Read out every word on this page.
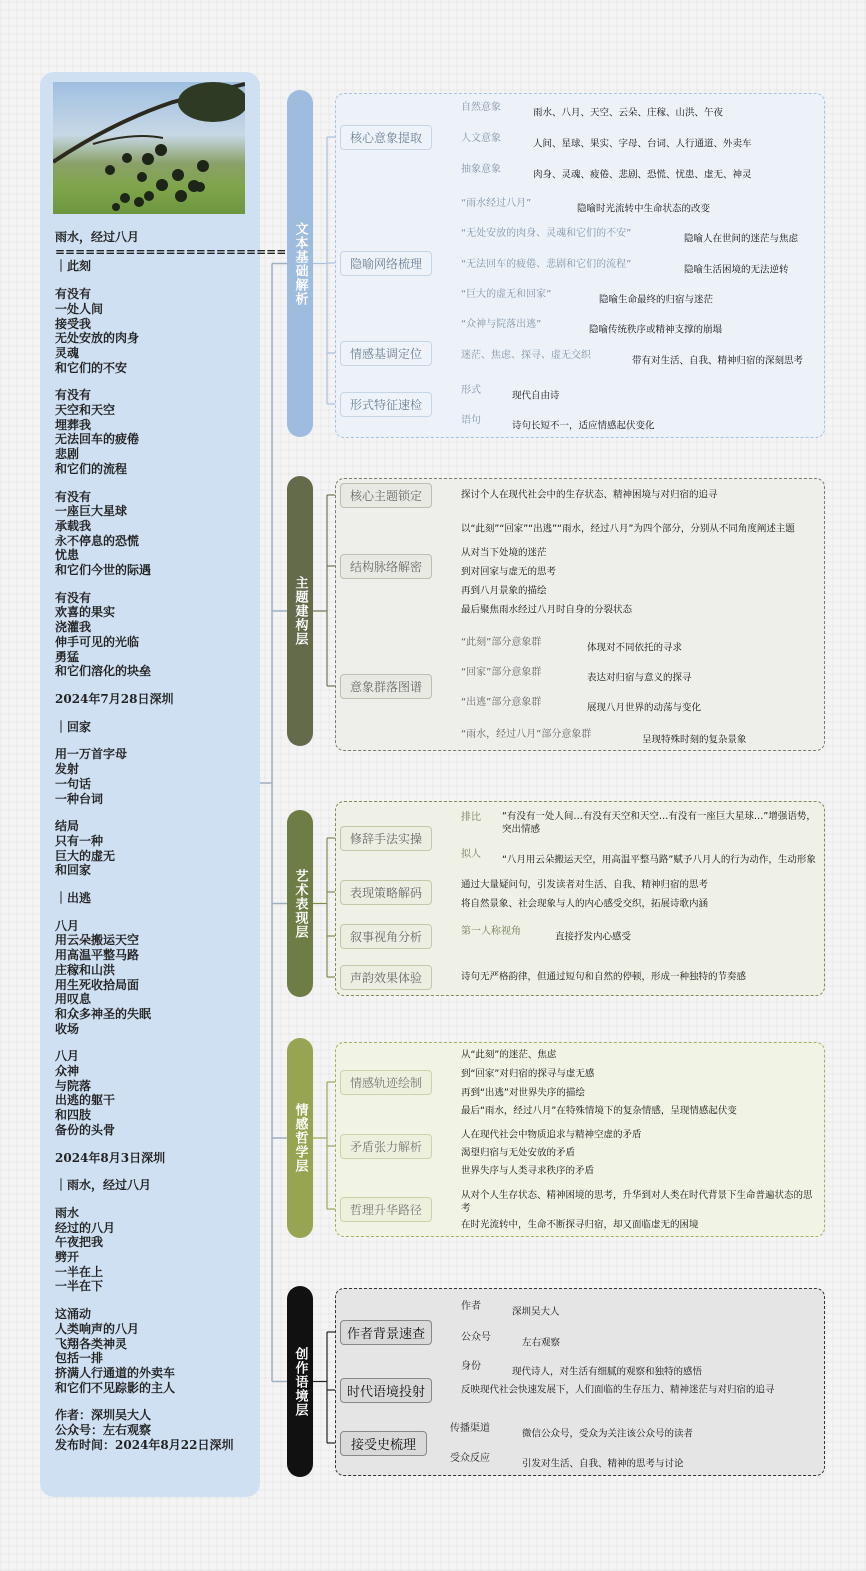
雨水，经过八月
=======================
｜此刻
有没有
一处人间
接受我
无处安放的肉身
灵魂
和它们的不安
有没有
天空和天空
埋葬我
无法回车的疲倦
悲剧
和它们的流程
有没有
一座巨大星球
承载我
永不停息的恐慌
忧患
和它们今世的际遇
有没有
欢喜的果实
浇灌我
伸手可见的光临
勇猛
和它们溶化的块垒
2024年7月28日深圳
｜回家
用一万首字母
发射
一句话
一种台词
结局
只有一种
巨大的虚无
和回家
｜出逃
八月
用云朵搬运天空
用高温平整马路
庄稼和山洪
用生死收拾局面
用叹息
和众多神圣的失眠
收场
八月
众神
与院落
出逃的躯干
和四肢
备份的头骨
2024年8月3日深圳
｜雨水，经过八月
雨水
经过的八月
午夜把我
劈开
一半在上
一半在下
这涌动
人类响声的八月
飞翔各类神灵
包括一排
挤满人行通道的外卖车
和它们不见踪影的主人
作者：深圳吴大人
公众号：左右观察
发布时间：2024年8月22日深圳
文本基础解析
核心意象提取
自然意象	雨水、八月、天空、云朵、庄稼、山洪、午夜
人文意象	人间、星球、果实、字母、台词、人行通道、外卖车
抽象意象	肉身、灵魂、疲倦、悲剧、恐慌、忧患、虚无、神灵
隐喻网络梳理
“雨水经过八月”	隐喻时光流转中生命状态的改变
“无处安放的肉身、灵魂和它们的不安”	隐喻人在世间的迷茫与焦虑
“无法回车的疲倦、悲剧和它们的流程”	隐喻生活困境的无法逆转
“巨大的虚无和回家”	隐喻生命最终的归宿与迷茫
“众神与院落出逃”	隐喻传统秩序或精神支撑的崩塌
情感基调定位	迷茫、焦虑、探寻、虚无交织	带有对生活、自我、精神归宿的深刻思考
形式特征速检
形式	现代自由诗
语句	诗句长短不一，适应情感起伏变化
主题建构层
核心主题锁定	探讨个人在现代社会中的生存状态、精神困境与对归宿的追寻
结构脉络解密
以“此刻”“回家”“出逃”“雨水，经过八月”为四个部分，分别从不同角度阐述主题
从对当下处境的迷茫
到对回家与虚无的思考
再到八月景象的描绘
最后聚焦雨水经过八月时自身的分裂状态
意象群落图谱
“此刻”部分意象群	体现对不同依托的寻求
“回家”部分意象群	表达对归宿与意义的探寻
“出逃”部分意象群	展现八月世界的动荡与变化
“雨水，经过八月”部分意象群	呈现特殊时刻的复杂景象
艺术表现层
修辞手法实操
排比 “有没有一处人间…有没有天空和天空…有没有一座巨大星球…”增强语势，突出情感
拟人 “八月用云朵搬运天空，用高温平整马路”赋予八月人的行为动作，生动形象
表现策略解码
通过大量疑问句，引发读者对生活、自我、精神归宿的思考
将自然景象、社会现象与人的内心感受交织，拓展诗歌内涵
叙事视角分析	第一人称视角	直接抒发内心感受
声韵效果体验	诗句无严格韵律，但通过短句和自然的停顿，形成一种独特的节奏感
情感哲学层
情感轨迹绘制
从“此刻”的迷茫、焦虑
到“回家”对归宿的探寻与虚无感
再到“出逃”对世界失序的描绘
最后“雨水，经过八月”在特殊情境下的复杂情感，呈现情感起伏变
矛盾张力解析
人在现代社会中物质追求与精神空虚的矛盾
渴望归宿与无处安放的矛盾
世界失序与人类寻求秩序的矛盾
哲理升华路径
从对个人生存状态、精神困境的思考，升华到对人类在时代背景下生命普遍状态的思考
在时光流转中，生命不断探寻归宿，却又面临虚无的困境
创作语境层
作者背景速查
作者	深圳吴大人
公众号	左右观察
身份	现代诗人，对生活有细腻的观察和独特的感悟
时代语境投射	反映现代社会快速发展下，人们面临的生存压力、精神迷茫与对归宿的追寻
接受史梳理
传播渠道	微信公众号，受众为关注该公众号的读者
受众反应	引发对生活、自我、精神的思考与讨论
